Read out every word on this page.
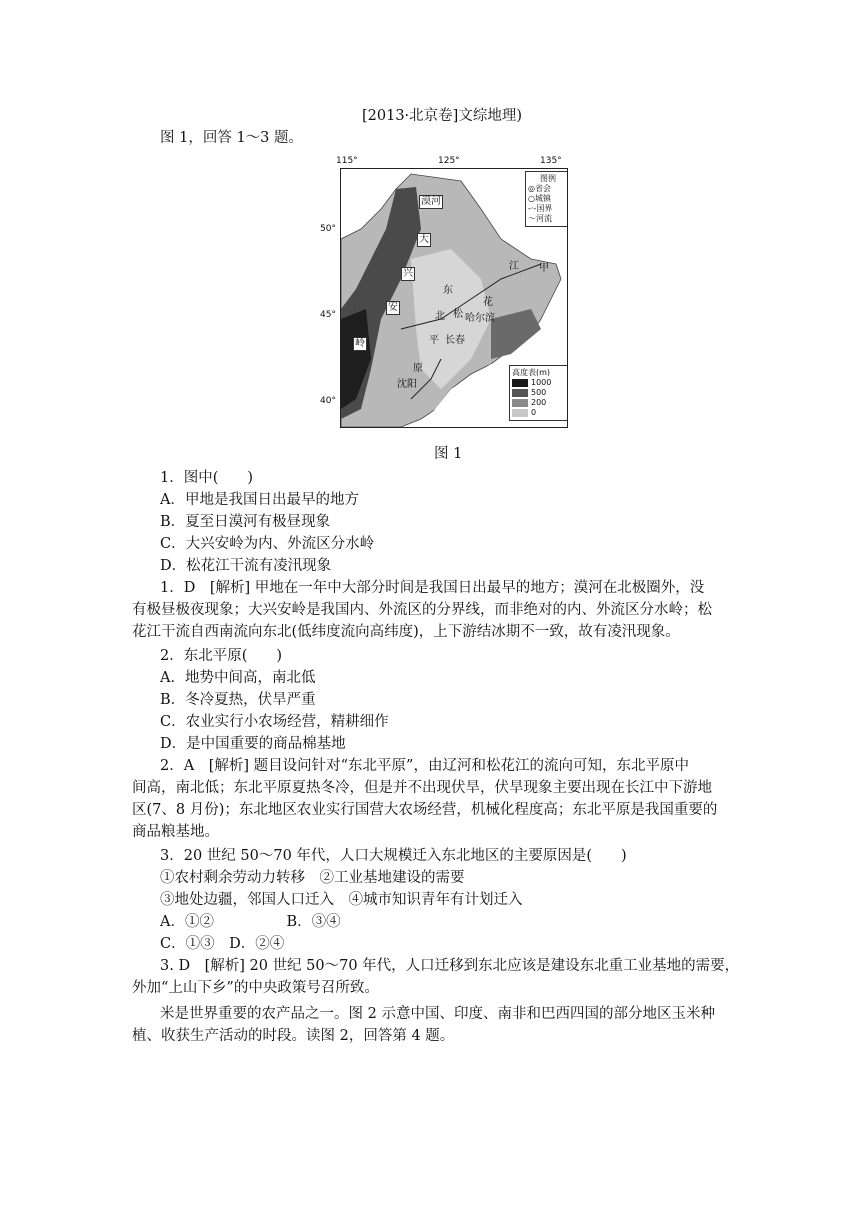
[2013·北京卷]文综地理)
图 1，回答 1～3 题。
115°	125°	135°
50°
45°
40°
漠河
大
兴
安
岭
甲
江
东
花
北 松 哈尔滨
平 长春
原
沈阳
图例
◎省会
○城镇
-·-国界
～河流
高度表(m)
1000
500
200
0
图 1
1．图中(　　)
A．甲地是我国日出最早的地方
B．夏至日漠河有极昼现象
C．大兴安岭为内、外流区分水岭
D．松花江干流有凌汛现象
1．D　[解析] 甲地在一年中大部分时间是我国日出最早的地方；漠河在北极圈外，没
有极昼极夜现象；大兴安岭是我国内、外流区的分界线，而非绝对的内、外流区分水岭；松
花江干流自西南流向东北(低纬度流向高纬度)，上下游结冰期不一致，故有凌汛现象。
2．东北平原(　　)
A．地势中间高，南北低
B．冬冷夏热，伏旱严重
C．农业实行小农场经营，精耕细作
D．是中国重要的商品棉基地
2．A　[解析] 题目设问针对“东北平原”，由辽河和松花江的流向可知，东北平原中
间高，南北低；东北平原夏热冬冷，但是并不出现伏旱，伏旱现象主要出现在长江中下游地
区(7、8 月份)；东北地区农业实行国营大农场经营，机械化程度高；东北平原是我国重要的
商品粮基地。
3．20 世纪 50～70 年代，人口大规模迁入东北地区的主要原因是(　　)
①农村剩余劳动力转移　②工业基地建设的需要
③地处边疆，邻国人口迁入　④城市知识青年有计划迁入
A．①②　　　　　B．③④
C．①③　D．②④
3. D　[解析] 20 世纪 50～70 年代，人口迁移到东北应该是建设东北重工业基地的需要，
外加“上山下乡”的中央政策号召所致。
米是世界重要的农产品之一。图 2 示意中国、印度、南非和巴西四国的部分地区玉米种
植、收获生产活动的时段。读图 2，回答第 4 题。
